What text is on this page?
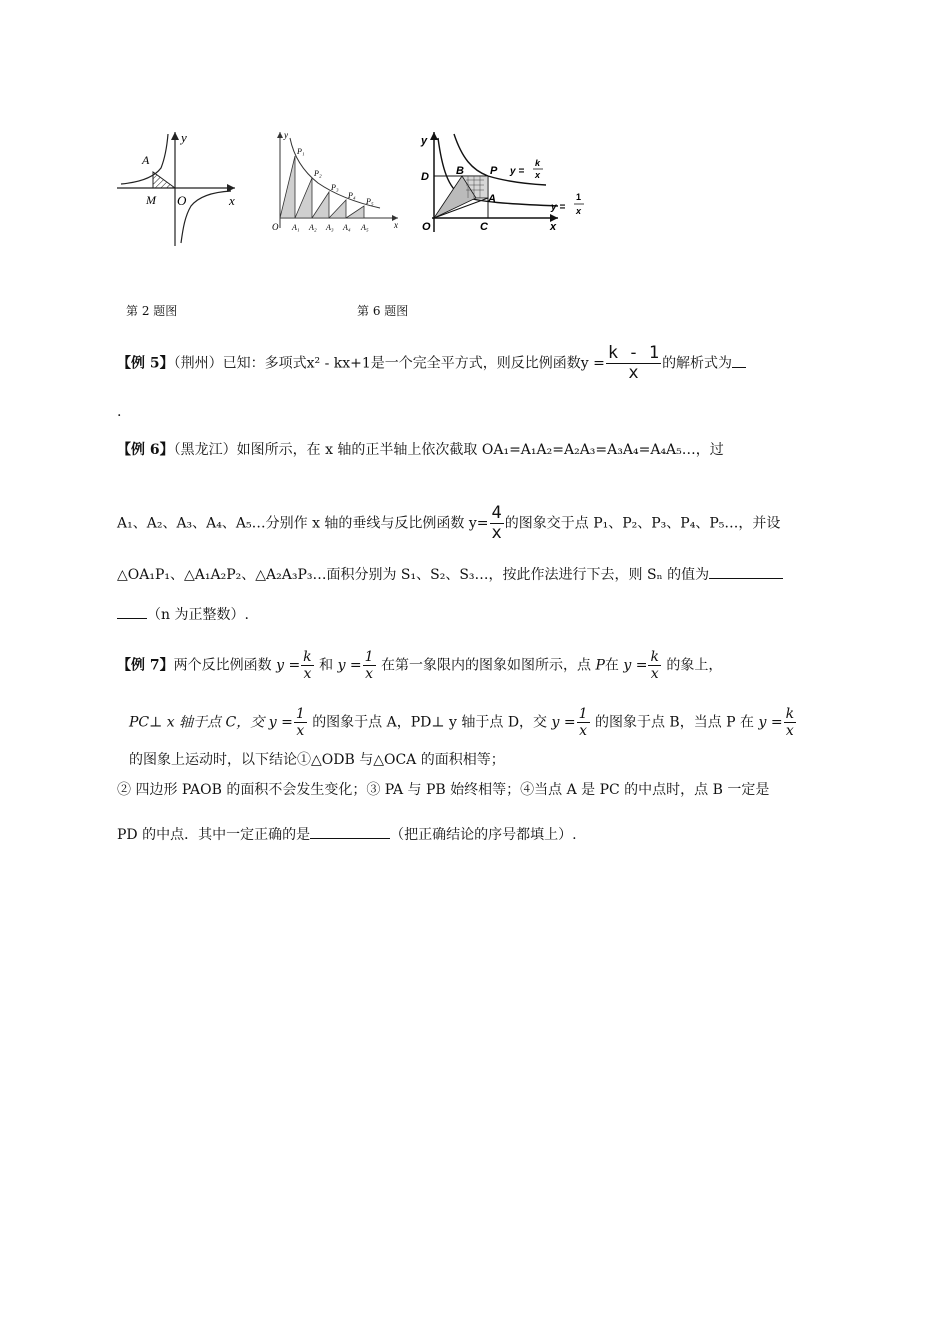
y
x
O
A
M
y
x
O
P₁
P₂
P₃
P₄
P₅
A₁ A₂ A₃ A₄ A₅
y
x
O	C
D B P
A
y =
k
x
y =
1
x
第 2 题图	第 6 题图
【例 5】（荆州）已知：多项式x² - kx+1是一个完全平方式，则反比例函数$y = \frac{k - 1}{x}$ 的解析式为
.
【例 6】（黑龙江）如图所示，在 x 轴的正半轴上依次截取 OA₁=A₁A₂=A₂A₃=A₃A₄=A₄A₅…，过
A₁、A₂、A₃、A₄、A₅…分别作 x 轴的垂线与反比例函数 $y= \frac{4}{x}$ 的图象交于点 P₁、P₂、P₃、P₄、P₅…，并设
△OA₁P₁、△A₁A₂P₂、△A₂A₃P₃…面积分别为 S₁、S₂、S₃…，按此作法进行下去，则 Sₙ 的值为
（n 为正整数）.
【例 7】两个反比例函数 $y = \frac{k}{x}$ 和 $y = \frac{1}{x}$ 在第一象限内的图象如图所示，点 P在 $y = \frac{k}{x}$ 的象上，
PC⊥ x 轴于点 C，交 $y = \frac{1}{x}$ 的图象于点 A，PD⊥ y 轴于点 D，交 $y = \frac{1}{x}$ 的图象于点 B，当点 P 在 $y = \frac{k}{x}$
的图象上运动时，以下结论①△ODB 与△OCA 的面积相等；
② 四边形 PAOB 的面积不会发生变化；③ PA 与 PB 始终相等；④当点 A 是 PC 的中点时，点 B 一定是
PD 的中点．其中一定正确的是	（把正确结论的序号都填上）.
